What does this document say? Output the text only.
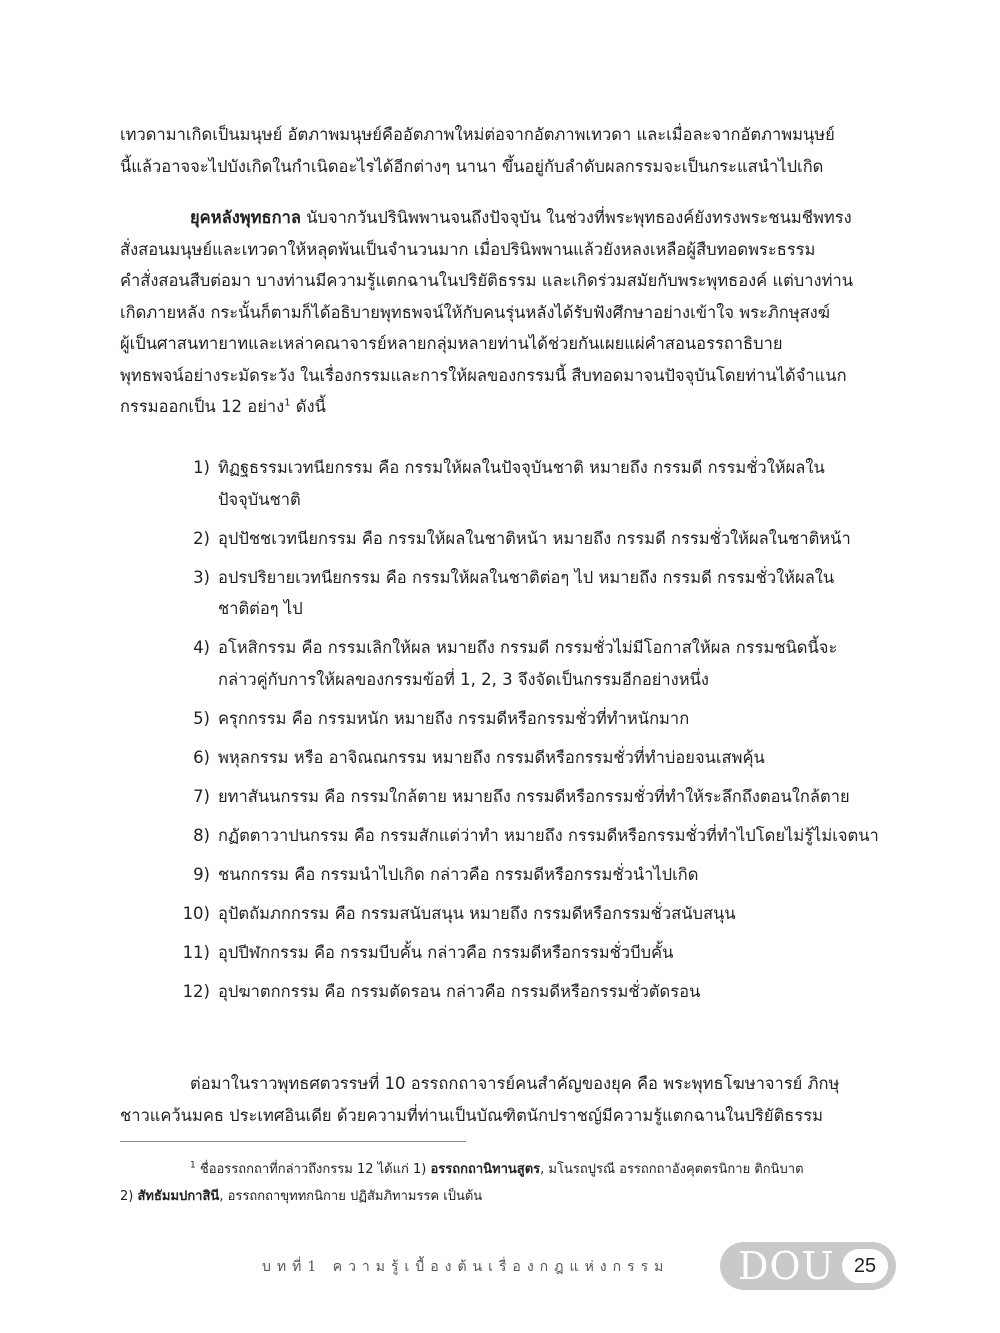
เทวดามาเกิดเป็นมนุษย์ อัตภาพมนุษย์คืออัตภาพใหม่ต่อจากอัตภาพเทวดา และเมื่อละจากอัตภาพมนุษย์
นี้แล้วอาจจะไปบังเกิดในกำเนิดอะไรได้อีกต่างๆ นานา ขึ้นอยู่กับลำดับผลกรรมจะเป็นกระแสนำไปเกิด
ยุคหลังพุทธกาล นับจากวันปรินิพพานจนถึงปัจจุบัน ในช่วงที่พระพุทธองค์ยังทรงพระชนมชีพทรง
สั่งสอนมนุษย์และเทวดาให้หลุดพ้นเป็นจำนวนมาก เมื่อปรินิพพานแล้วยังหลงเหลือผู้สืบทอดพระธรรม
คำสั่งสอนสืบต่อมา บางท่านมีความรู้แตกฉานในปริยัติธรรม และเกิดร่วมสมัยกับพระพุทธองค์ แต่บางท่าน
เกิดภายหลัง กระนั้นก็ตามก็ได้อธิบายพุทธพจน์ให้กับคนรุ่นหลังได้รับฟังศึกษาอย่างเข้าใจ พระภิกษุสงฆ์
ผู้เป็นศาสนทายาทและเหล่าคณาจารย์หลายกลุ่มหลายท่านได้ช่วยกันเผยแผ่คำสอนอรรถาธิบาย
พุทธพจน์อย่างระมัดระวัง ในเรื่องกรรมและการให้ผลของกรรมนี้ สืบทอดมาจนปัจจุบันโดยท่านได้จำแนก
กรรมออกเป็น 12 อย่าง$^1$ ดังนี้
1) ทิฏฐธรรมเวทนียกรรม คือ กรรมให้ผลในปัจจุบันชาติ หมายถึง กรรมดี กรรมชั่วให้ผลใน
ปัจจุบันชาติ
2) อุปปัชชเวทนียกรรม คือ กรรมให้ผลในชาติหน้า หมายถึง กรรมดี กรรมชั่วให้ผลในชาติหน้า
3) อปรปริยายเวทนียกรรม คือ กรรมให้ผลในชาติต่อๆ ไป หมายถึง กรรมดี กรรมชั่วให้ผลใน
ชาติต่อๆ ไป
4) อโหสิกรรม คือ กรรมเลิกให้ผล หมายถึง กรรมดี กรรมชั่วไม่มีโอกาสให้ผล กรรมชนิดนี้จะ
กล่าวคู่กับการให้ผลของกรรมข้อที่ 1, 2, 3 จึงจัดเป็นกรรมอีกอย่างหนึ่ง
5) ครุกกรรม คือ กรรมหนัก หมายถึง กรรมดีหรือกรรมชั่วที่ทำหนักมาก
6) พหุลกรรม หรือ อาจิณณกรรม หมายถึง กรรมดีหรือกรรมชั่วที่ทำบ่อยจนเสพคุ้น
7) ยทาสันนกรรม คือ กรรมใกล้ตาย หมายถึง กรรมดีหรือกรรมชั่วที่ทำให้ระลึกถึงตอนใกล้ตาย
8) กฏัตตาวาปนกรรม คือ กรรมสักแต่ว่าทำ หมายถึง กรรมดีหรือกรรมชั่วที่ทำไปโดยไม่รู้ไม่เจตนา
9) ชนกกรรม คือ กรรมนำไปเกิด กล่าวคือ กรรมดีหรือกรรมชั่วนำไปเกิด
10) อุปัตถัมภกกรรม คือ กรรมสนับสนุน หมายถึง กรรมดีหรือกรรมชั่วสนับสนุน
11) อุปปีฬกกรรม คือ กรรมบีบคั้น กล่าวคือ กรรมดีหรือกรรมชั่วบีบคั้น
12) อุปฆาตกกรรม คือ กรรมตัดรอน กล่าวคือ กรรมดีหรือกรรมชั่วตัดรอน
ต่อมาในราวพุทธศตวรรษที่ 10 อรรถกถาจารย์คนสำคัญของยุค คือ พระพุทธโฆษาจารย์ ภิกษุ
ชาวแคว้นมคธ ประเทศอินเดีย ด้วยความที่ท่านเป็นบัณฑิตนักปราชญ์มีความรู้แตกฉานในปริยัติธรรม
$^1$ ชื่ออรรถกถาที่กล่าวถึงกรรม 12 ได้แก่ 1) อรรถกถานิทานสูตร, มโนรถปูรณี อรรถกถาอังคุตตรนิกาย ติกนิบาต
2) สัทธัมมปกาสินี, อรรถกถาขุททกนิกาย ปฏิสัมภิทามรรค เป็นต้น
บทที่1 ความรู้เบื้องต้นเรื่องกฎแห่งกรรม	DOU 25
